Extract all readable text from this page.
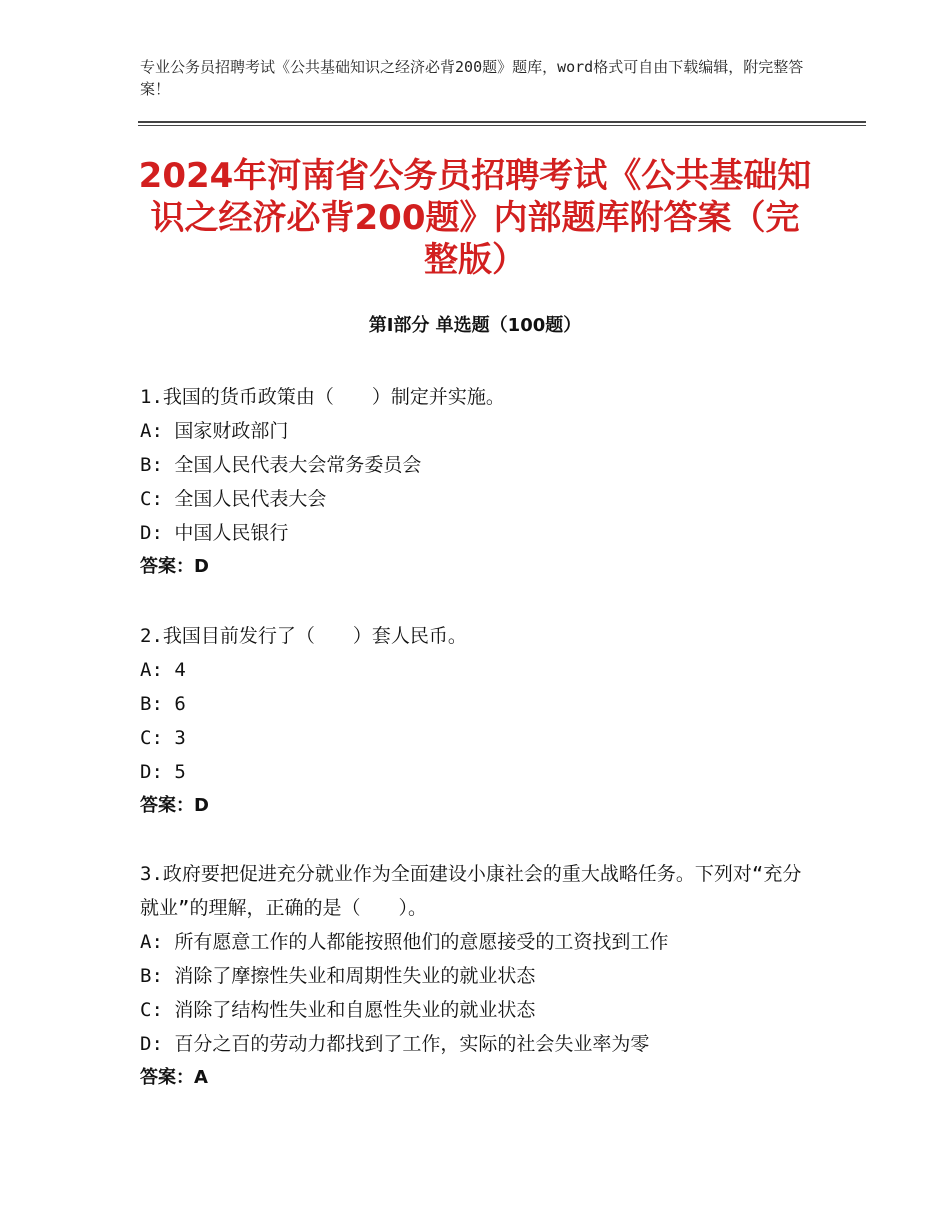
专业公务员招聘考试《公共基础知识之经济必背200题》题库，word格式可自由下载编辑，附完整答案！
2024年河南省公务员招聘考试《公共基础知识之经济必背200题》内部题库附答案（完整版）
第Ⅰ部分 单选题（100题）
1.我国的货币政策由（　　）制定并实施。
A: 国家财政部门
B: 全国人民代表大会常务委员会
C: 全国人民代表大会
D: 中国人民银行
答案：D
2.我国目前发行了（　　）套人民币。
A: 4
B: 6
C: 3
D: 5
答案：D
3.政府要把促进充分就业作为全面建设小康社会的重大战略任务。下列对“充分就业”的理解，正确的是（　　）。
A: 所有愿意工作的人都能按照他们的意愿接受的工资找到工作
B: 消除了摩擦性失业和周期性失业的就业状态
C: 消除了结构性失业和自愿性失业的就业状态
D: 百分之百的劳动力都找到了工作，实际的社会失业率为零
答案：A
